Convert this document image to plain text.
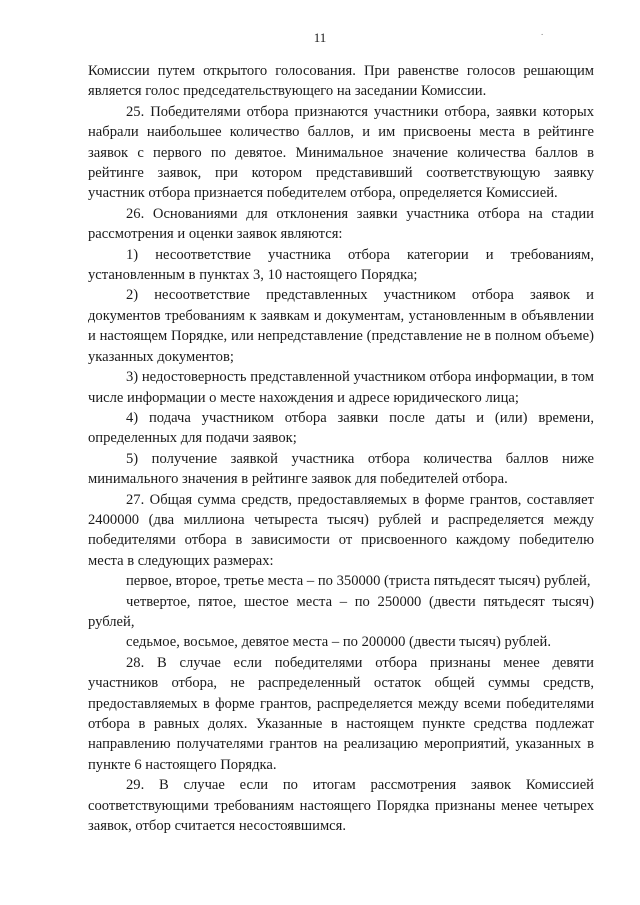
11	.

Комиссии путем открытого голосования. При равенстве голосов решающим является голос председательствующего на заседании Комиссии.

25. Победителями отбора признаются участники отбора, заявки которых набрали наибольшее количество баллов, и им присвоены места в рейтинге заявок с первого по девятое. Минимальное значение количества баллов в рейтинге заявок, при котором представивший соответствующую заявку участник отбора признается победителем отбора, определяется Комиссией.

26. Основаниями для отклонения заявки участника отбора на стадии рассмотрения и оценки заявок являются:

1) несоответствие участника отбора категории и требованиям, установленным в пунктах 3, 10 настоящего Порядка;

2) несоответствие представленных участником отбора заявок и документов требованиям к заявкам и документам, установленным в объявлении и настоящем Порядке, или непредставление (представление не в полном объеме) указанных документов;

3) недостоверность представленной участником отбора информации, в том числе информации о месте нахождения и адресе юридического лица;

4) подача участником отбора заявки после даты и (или) времени, определенных для подачи заявок;

5) получение заявкой участника отбора количества баллов ниже минимального значения в рейтинге заявок для победителей отбора.

27. Общая сумма средств, предоставляемых в форме грантов, составляет 2400000 (два миллиона четыреста тысяч) рублей и распределяется между победителями отбора в зависимости от присвоенного каждому победителю места в следующих размерах:

первое, второе, третье места – по 350000 (триста пятьдесят тысяч) рублей,

четвертое, пятое, шестое места – по 250000 (двести пятьдесят тысяч) рублей,

седьмое, восьмое, девятое места – по 200000 (двести тысяч) рублей.

28. В случае если победителями отбора признаны менее девяти участников отбора, не распределенный остаток общей суммы средств, предоставляемых в форме грантов, распределяется между всеми победителями отбора в равных долях. Указанные в настоящем пункте средства подлежат направлению получателями грантов на реализацию мероприятий, указанных в пункте 6 настоящего Порядка.

29. В случае если по итогам рассмотрения заявок Комиссией соответствующими требованиям настоящего Порядка признаны менее четырех заявок, отбор считается несостоявшимся.
